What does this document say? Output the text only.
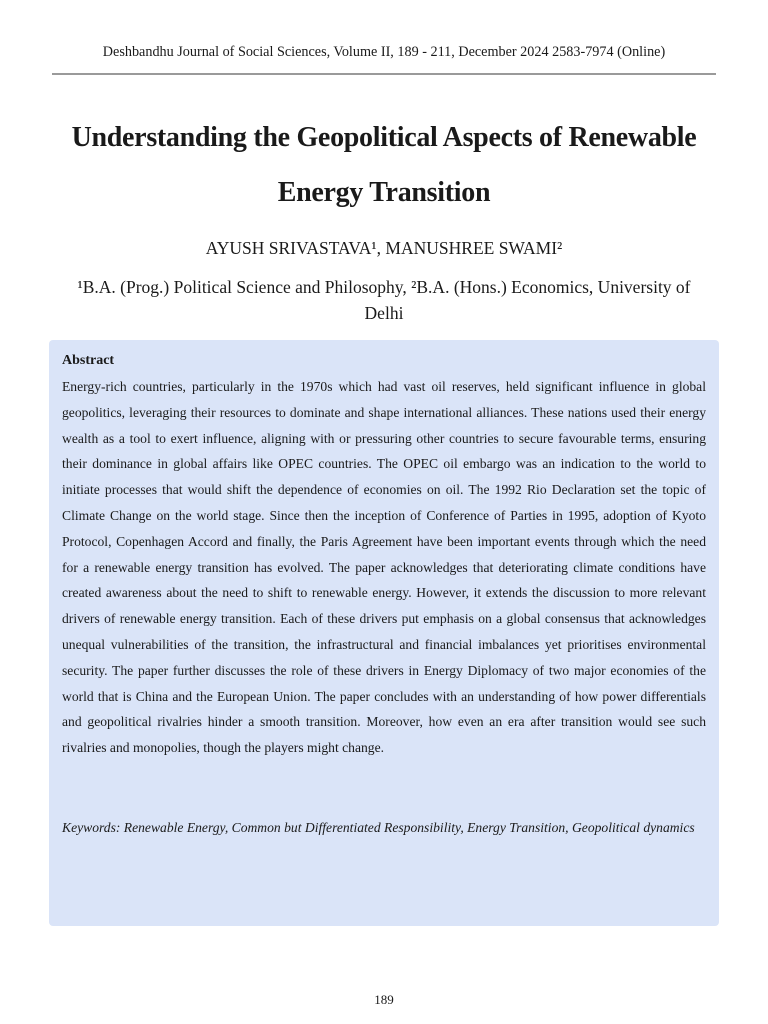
Deshbandhu Journal of Social Sciences, Volume II, 189 - 211, December 2024 2583-7974 (Online)
Understanding the Geopolitical Aspects of Renewable Energy Transition
AYUSH SRIVASTAVA¹, MANUSHREE SWAMI²
¹B.A. (Prog.) Political Science and Philosophy, ²B.A. (Hons.) Economics, University of Delhi
Abstract

Energy-rich countries, particularly in the 1970s which had vast oil reserves, held significant influence in global geopolitics, leveraging their resources to dominate and shape international alliances. These nations used their energy wealth as a tool to exert influence, aligning with or pressuring other countries to secure favourable terms, ensuring their dominance in global affairs like OPEC countries. The OPEC oil embargo was an indication to the world to initiate processes that would shift the dependence of economies on oil. The 1992 Rio Declaration set the topic of Climate Change on the world stage. Since then the inception of Conference of Parties in 1995, adoption of Kyoto Protocol, Copenhagen Accord and finally, the Paris Agreement have been important events through which the need for a renewable energy transition has evolved. The paper acknowledges that deteriorating climate conditions have created awareness about the need to shift to renewable energy. However, it extends the discussion to more relevant drivers of renewable energy transition. Each of these drivers put emphasis on a global consensus that acknowledges unequal vulnerabilities of the transition, the infrastructural and financial imbalances yet prioritises environmental security. The paper further discusses the role of these drivers in Energy Diplomacy of two major economies of the world that is China and the European Union. The paper concludes with an understanding of how power differentials and geopolitical rivalries hinder a smooth transition. Moreover, how even an era after transition would see such rivalries and monopolies, though the players might change.

Keywords: Renewable Energy, Common but Differentiated Responsibility, Energy Transition, Geopolitical dynamics
189
